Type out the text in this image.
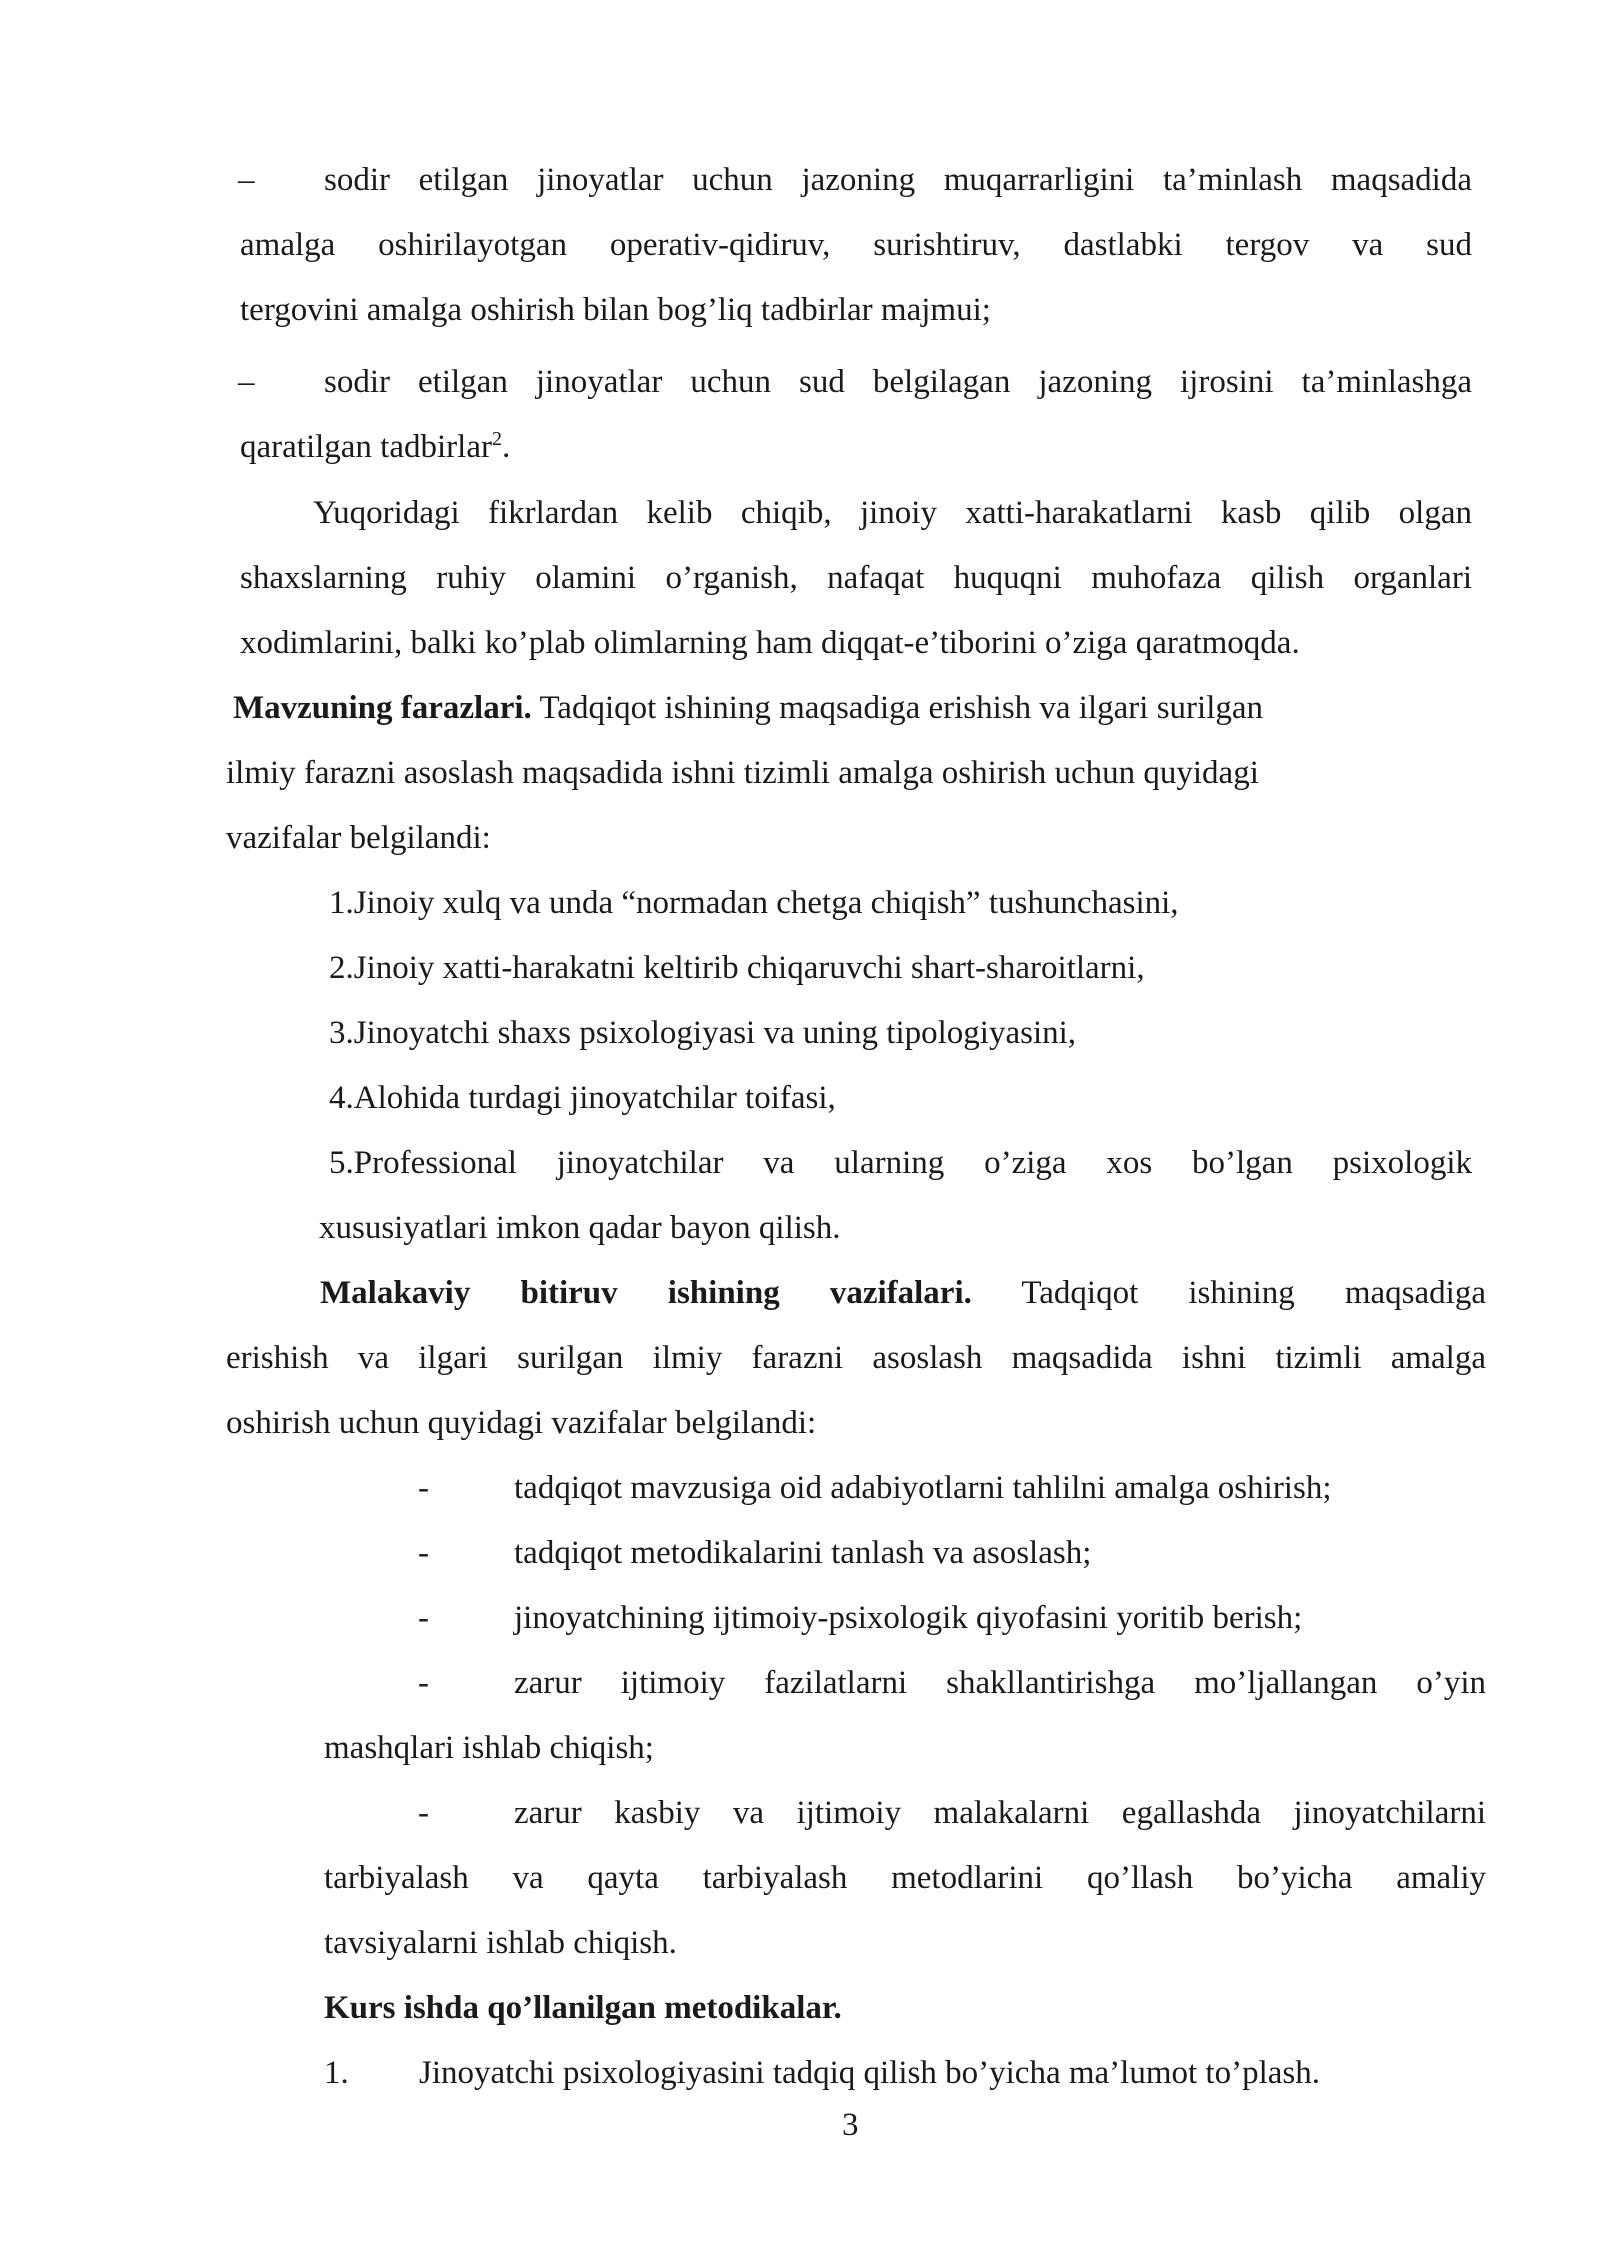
– sodir etilgan jinoyatlar uchun jazoning muqarrarligini ta’minlash maqsadida
amalga oshirilayotgan operativ-qidiruv, surishtiruv, dastlabki tergov va sud
tergovini amalga oshirish bilan bog’liq tadbirlar majmui;
– sodir etilgan jinoyatlar uchun sud belgilagan jazoning ijrosini ta’minlashga
qaratilgan tadbirlar$^2$.
Yuqoridagi fikrlardan kelib chiqib, jinoiy xatti-harakatlarni kasb qilib olgan
shaxslarning ruhiy olamini o’rganish, nafaqat huquqni muhofaza qilish organlari
xodimlarini, balki ko’plab olimlarning ham diqqat-e’tiborini o’ziga qaratmoqda.
Mavzuning farazlari. Tadqiqot ishining maqsadiga erishish va ilgari surilgan
ilmiy farazni asoslash maqsadida ishni tizimli amalga oshirish uchun quyidagi
vazifalar belgilandi:
1.Jinoiy xulq va unda “normadan chetga chiqish” tushunchasini,
2.Jinoiy xatti-harakatni keltirib chiqaruvchi shart-sharoitlarni,
3.Jinoyatchi shaxs psixologiyasi va uning tipologiyasini,
4.Alohida turdagi jinoyatchilar toifasi,
5.Professional jinoyatchilar va ularning o’ziga xos bo’lgan psixologik
xususiyatlari imkon qadar bayon qilish.
Malakaviy bitiruv ishining vazifalari. Tadqiqot ishining maqsadiga
erishish va ilgari surilgan ilmiy farazni asoslash maqsadida ishni tizimli amalga
oshirish uchun quyidagi vazifalar belgilandi:
-	tadqiqot mavzusiga oid adabiyotlarni tahlilni amalga oshirish;
-	tadqiqot metodikalarini tanlash va asoslash;
-	jinoyatchining ijtimoiy-psixologik qiyofasini yoritib berish;
-	zarur ijtimoiy fazilatlarni shakllantirishga mo’ljallangan o’yin
mashqlari ishlab chiqish;
-	zarur kasbiy va ijtimoiy malakalarni egallashda jinoyatchilarni
tarbiyalash va qayta tarbiyalash metodlarini qo’llash bo’yicha amaliy
tavsiyalarni ishlab chiqish.
Kurs ishda qo’llanilgan metodikalar.
1. Jinoyatchi psixologiyasini tadqiq qilish bo’yicha ma’lumot to’plash.
3
